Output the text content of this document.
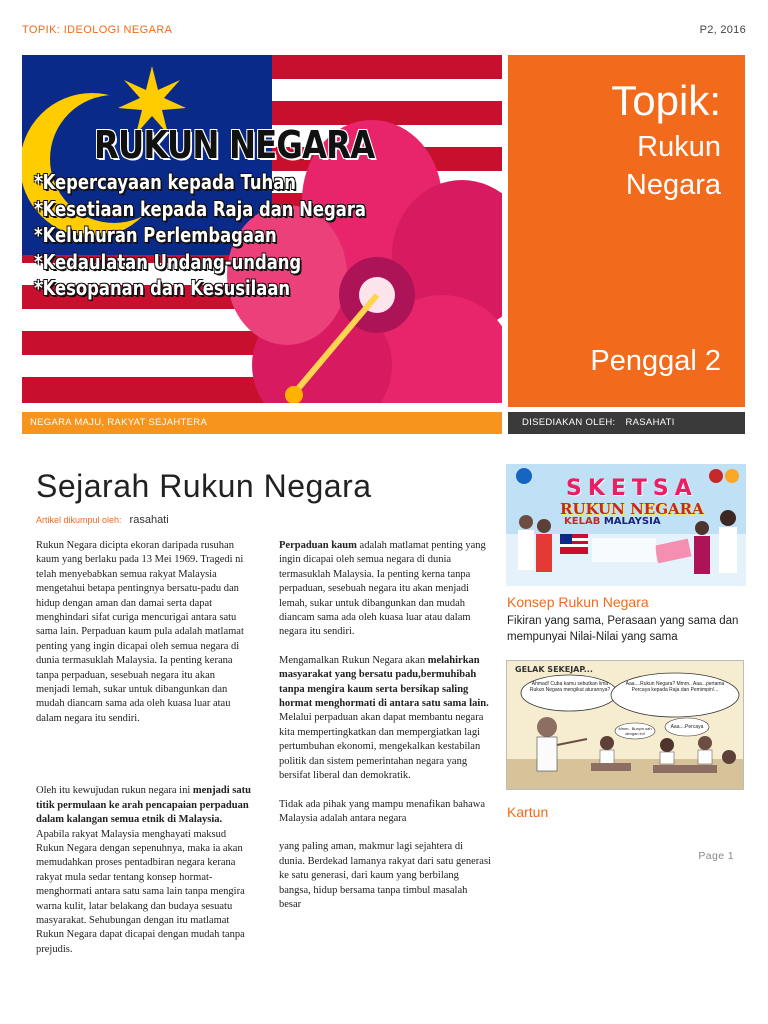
TOPIK: IDEOLOGI NEGARA	P2, 2016
RUKUN NEGARA
*Kepercayaan kepada Tuhan
*Kesetiaan kepada Raja dan Negara
*Keluhuran Perlembagaan
*Kedaulatan Undang-undang
*Kesopanan dan Kesusilaan
Topik:
Rukun
Negara
Penggal 2
NEGARA MAJU, RAKYAT SEJAHTERA	DISEDIAKAN OLEH: RASAHATI
Sejarah Rukun Negara
Artikel dikumpul oleh: rasahati

Rukun Negara dicipta ekoran daripada rusuhan kaum yang berlaku pada 13 Mei 1969. Tragedi ni telah menyebabkan semua rakyat Malaysia mengetahui betapa pentingnya bersatu-padu dan hidup dengan aman dan damai serta dapat menghindari sifat curiga mencurigai antara satu sama lain. Perpaduan kaum pula adalah matlamat penting yang ingin dicapai oleh semua negara di dunia termasuklah Malaysia. Ia penting kerana tanpa perpaduan, sesebuah negara itu akan menjadi lemah, sukar untuk dibangunkan dan mudah diancam sama ada oleh kuasa luar atau dalam negara itu sendiri.

Oleh itu kewujudan rukun negara ini menjadi satu titik permulaan ke arah pencapaian perpaduan dalam kalangan semua etnik di Malaysia. Apabila rakyat Malaysia menghayati maksud Rukun Negara dengan sepenuhnya, maka ia akan memudahkan proses pentadbiran negara kerana rakyat mula sedar tentang konsep hormat-menghormati antara satu sama lain tanpa mengira warna kulit, latar belakang dan budaya sesuatu masyarakat. Sehubungan dengan itu matlamat Rukun Negara dapat dicapai dengan mudah tanpa prejudis.

Perpaduan kaum adalah matlamat penting yang ingin dicapai oleh semua negara di dunia termasuklah Malaysia. Ia penting kerna tanpa perpaduan, sesebuah negara itu akan menjadi lemah, sukar untuk dibangunkan dan mudah diancam sama ada oleh kuasa luar atau dalam negara itu sendiri.

Mengamalkan Rukun Negara akan melahirkan masyarakat yang bersatu padu,bermuhibah tanpa mengira kaum serta bersikap saling hormat menghormati di antara satu sama lain. Melalui perpaduan akan dapat membantu negara kita mempertingkatkan dan mempergiatkan lagi pertumbuhan ekonomi, mengekalkan kestabilan politik dan sistem pemerintahan negara yang bersifat liberal dan demokratik.

Tidak ada pihak yang mampu menafikan bahawa Malaysia adalah antara negara

yang paling aman, makmur lagi sejahtera di dunia. Berdekad lamanya rakyat dari satu generasi ke satu generasi, dari kaum yang berbilang bangsa, hidup bersama tanpa timbul masalah besar

SKETSA
RUKUN NEGARA
KELAB MALAYSIA
Konsep Rukun Negara
Fikiran yang sama, Perasaan yang sama dan mempunyai Nilai-Nilai yang sama
GELAK SEKEJAP...
Ahmad! Cuba kamu sebutkan lima Rukun Negara mengikut aturannya?
Aaa....Rukun Negara? Mmm.. Aaa...pertama Percaya kepada Raja dan Pemimpin!...
Mmm.. Bunyin sah dengan ini!
Aaa....Percaya
Kartun
Page 1
